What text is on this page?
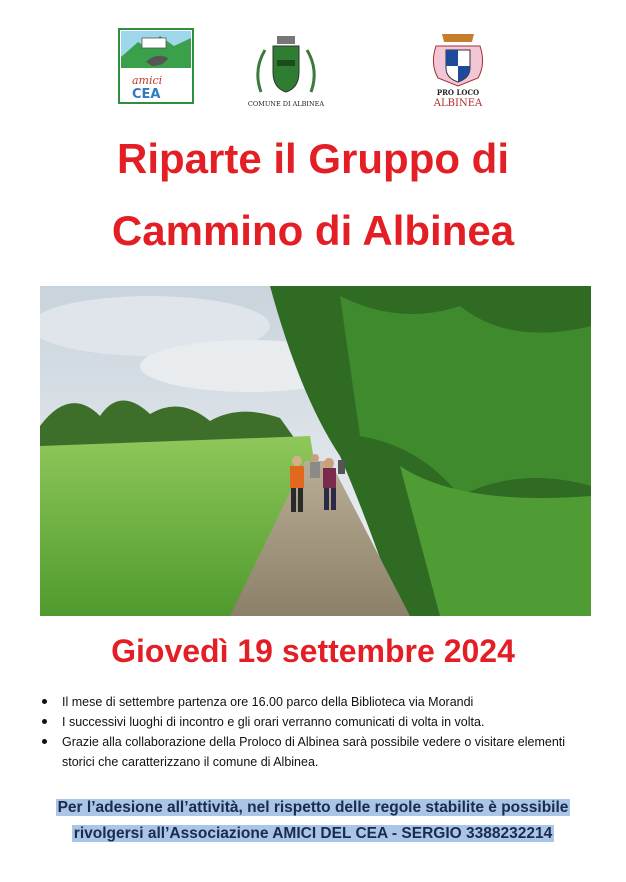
amici
CEA
COMUNE DI ALBINEA
PRO LOCO
ALBINEA
Riparte il Gruppo di
Cammino di Albinea
Giovedì 19 settembre 2024
Il mese di settembre partenza ore 16.00 parco della Biblioteca via Morandi
I successivi luoghi di incontro e gli orari verranno comunicati di volta in volta.
Grazie alla collaborazione della Proloco di Albinea sarà possibile vedere o visitare elementi storici che caratterizzano il comune di Albinea.
Per l’adesione all’attività, nel rispetto delle regole stabilite è possibile
rivolgersi all’Associazione AMICI DEL CEA - SERGIO 3388232214
